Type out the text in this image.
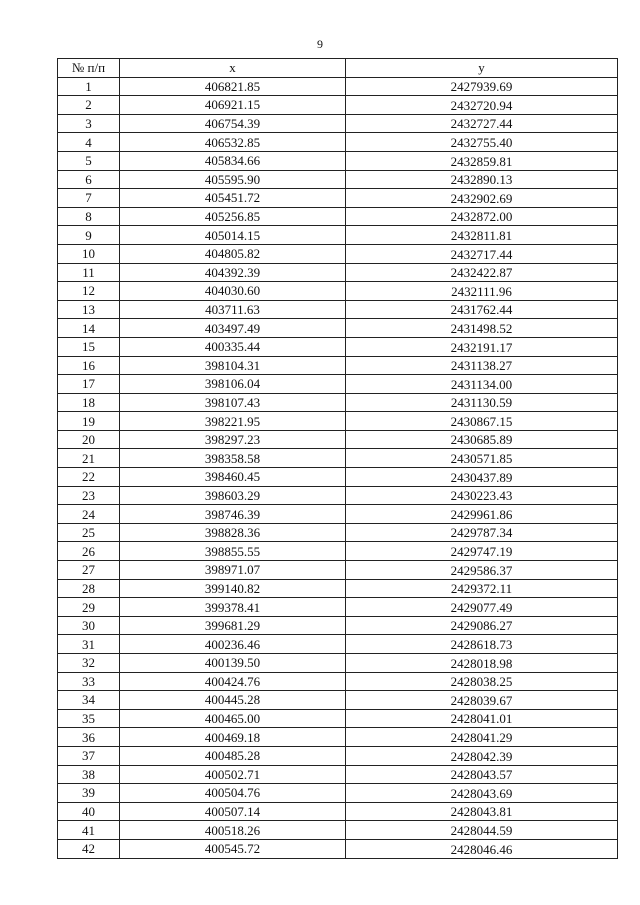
9
№ п/п	x	y
1	406821.85	2427939.69
2	406921.15	2432720.94
3	406754.39	2432727.44
4	406532.85	2432755.40
5	405834.66	2432859.81
6	405595.90	2432890.13
7	405451.72	2432902.69
8	405256.85	2432872.00
9	405014.15	2432811.81
10	404805.82	2432717.44
11	404392.39	2432422.87
12	404030.60	2432111.96
13	403711.63	2431762.44
14	403497.49	2431498.52
15	400335.44	2432191.17
16	398104.31	2431138.27
17	398106.04	2431134.00
18	398107.43	2431130.59
19	398221.95	2430867.15
20	398297.23	2430685.89
21	398358.58	2430571.85
22	398460.45	2430437.89
23	398603.29	2430223.43
24	398746.39	2429961.86
25	398828.36	2429787.34
26	398855.55	2429747.19
27	398971.07	2429586.37
28	399140.82	2429372.11
29	399378.41	2429077.49
30	399681.29	2429086.27
31	400236.46	2428618.73
32	400139.50	2428018.98
33	400424.76	2428038.25
34	400445.28	2428039.67
35	400465.00	2428041.01
36	400469.18	2428041.29
37	400485.28	2428042.39
38	400502.71	2428043.57
39	400504.76	2428043.69
40	400507.14	2428043.81
41	400518.26	2428044.59
42	400545.72	2428046.46
